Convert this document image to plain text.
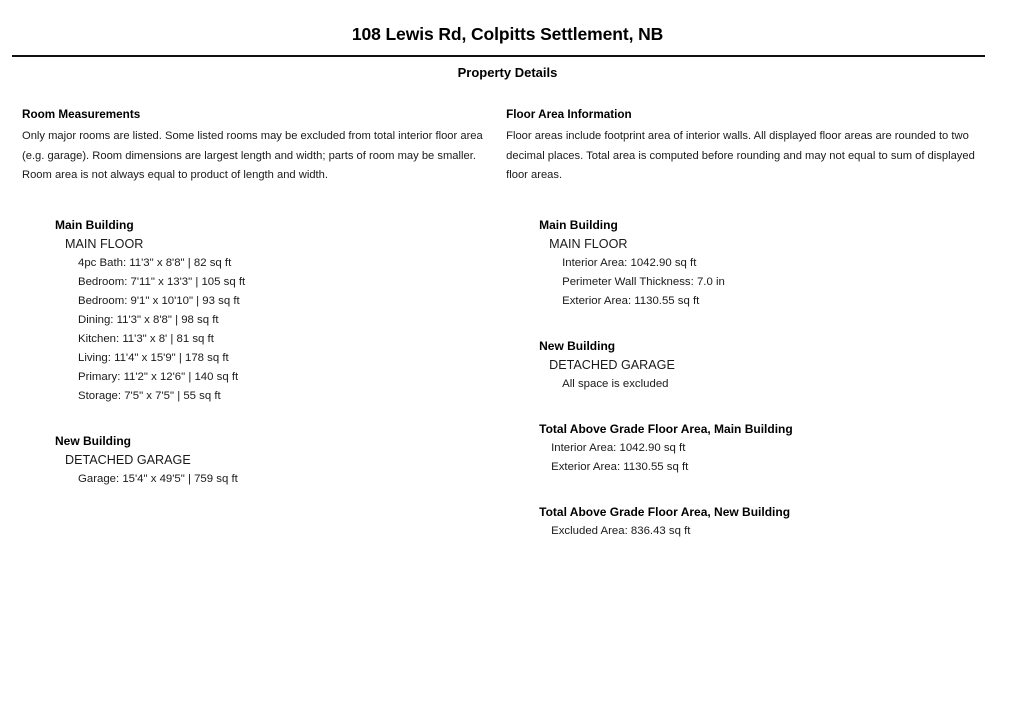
108 Lewis Rd, Colpitts Settlement, NB
Property Details
Room Measurements

Only major rooms are listed. Some listed rooms may be excluded from total interior floor area (e.g. garage). Room dimensions are largest length and width; parts of room may be smaller. Room area is not always equal to product of length and width.

Main Building
MAIN FLOOR
4pc Bath: 11'3" x 8'8" | 82 sq ft
Bedroom: 7'11" x 13'3" | 105 sq ft
Bedroom: 9'1" x 10'10" | 93 sq ft
Dining: 11'3" x 8'8" | 98 sq ft
Kitchen: 11'3" x 8' | 81 sq ft
Living: 11'4" x 15'9" | 178 sq ft
Primary: 11'2" x 12'6" | 140 sq ft
Storage: 7'5" x 7'5" | 55 sq ft
New Building
DETACHED GARAGE
Garage: 15'4" x 49'5" | 759 sq ft
Floor Area Information

Floor areas include footprint area of interior walls. All displayed floor areas are rounded to two decimal places. Total area is computed before rounding and may not equal to sum of displayed floor areas.

Main Building
MAIN FLOOR
Interior Area: 1042.90 sq ft
Perimeter Wall Thickness: 7.0 in
Exterior Area: 1130.55 sq ft
New Building
DETACHED GARAGE
All space is excluded
Total Above Grade Floor Area, Main Building
Interior Area: 1042.90 sq ft
Exterior Area: 1130.55 sq ft
Total Above Grade Floor Area, New Building
Excluded Area: 836.43 sq ft
